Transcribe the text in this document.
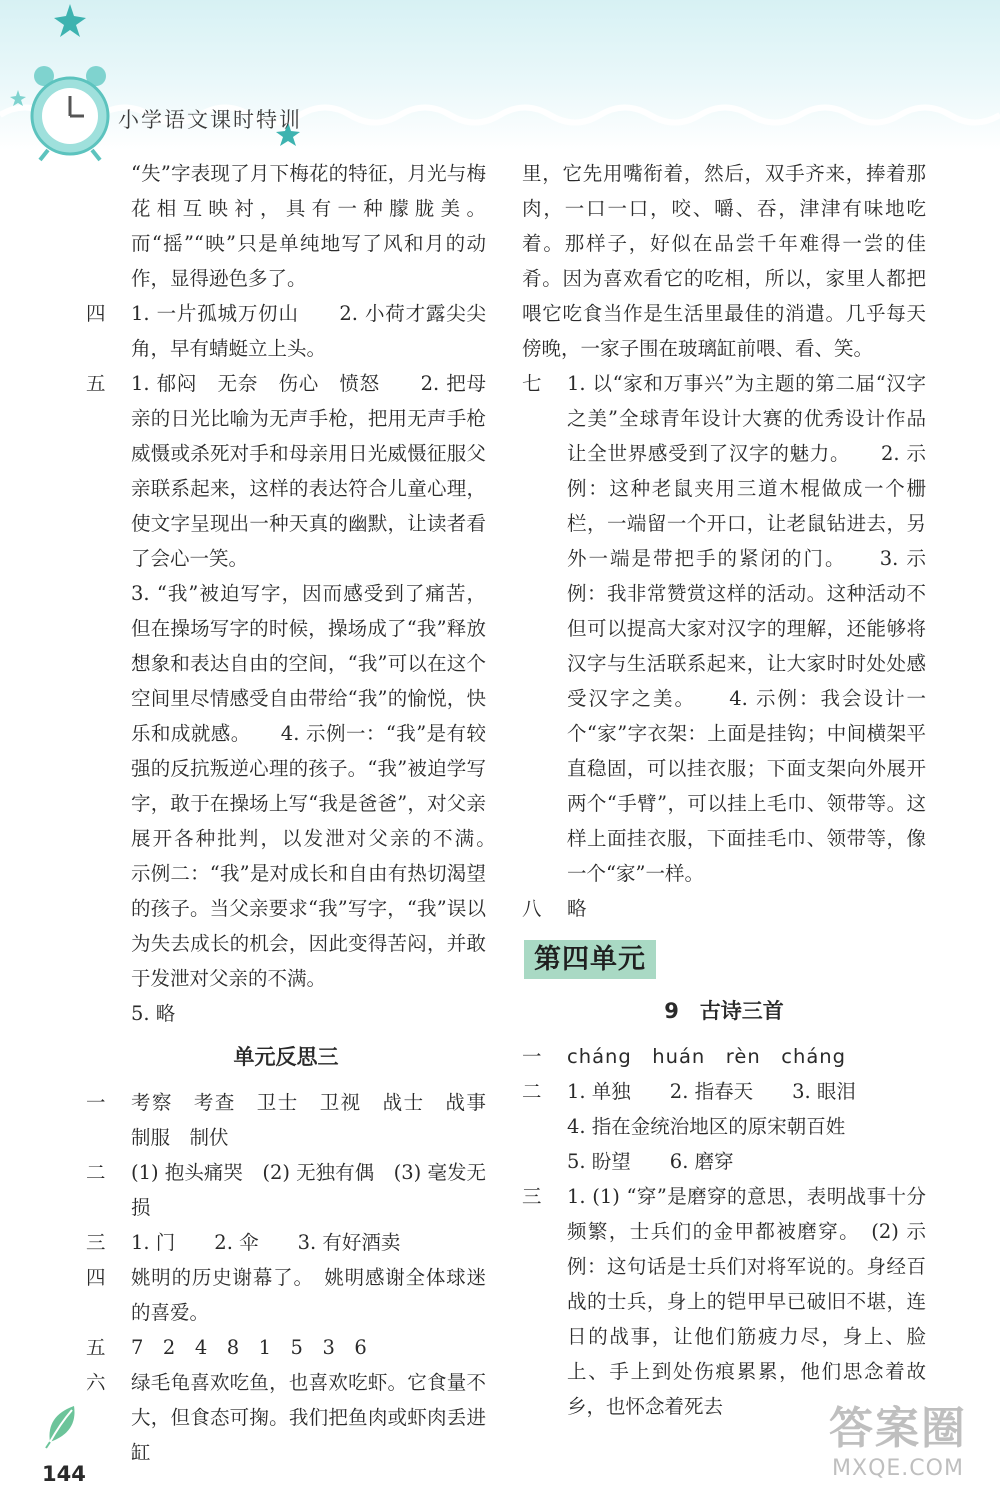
小学语文课时特训
“失”字表现了月下梅花的特征，月光与梅花相互映衬，具有一种朦胧美。而“摇”“映”只是单纯地写了风和月的动作，显得逊色多了。
四 1. 一片孤城万仞山　　2. 小荷才露尖尖角，早有蜻蜓立上头。
五 1. 郁闷　无奈　伤心　愤怒　　2. 把母亲的日光比喻为无声手枪，把用无声手枪威慑或杀死对手和母亲用日光威慑征服父亲联系起来，这样的表达符合儿童心理，使文字呈现出一种天真的幽默，让读者看了会心一笑。
3. “我”被迫写字，因而感受到了痛苦，但在操场写字的时候，操场成了“我”释放想象和表达自由的空间，“我”可以在这个空间里尽情感受自由带给“我”的愉悦，快乐和成就感。　　4. 示例一：“我”是有较强的反抗叛逆心理的孩子。“我”被迫学写字，敢于在操场上写“我是爸爸”，对父亲展开各种批判，以发泄对父亲的不满。　示例二：“我”是对成长和自由有热切渴望的孩子。当父亲要求“我”写字，“我”误以为失去成长的机会，因此变得苦闷，并敢于发泄对父亲的不满。
5. 略
单元反思三
一 考察　考查　卫士　卫视　战士　战事　制服　制伏
二 (1) 抱头痛哭　(2) 无独有偶　(3) 毫发无损
三 1. 门　　2. 伞　　3. 有好酒卖
四 姚明的历史谢幕了。　姚明感谢全体球迷的喜爱。
五 7　2　4　8　1　5　3　6
六 绿毛龟喜欢吃鱼，也喜欢吃虾。它食量不大，但食态可掬。我们把鱼肉或虾肉丢进缸
里，它先用嘴衔着，然后，双手齐来，捧着那肉，一口一口，咬、嚼、吞，津津有味地吃着。那样子，好似在品尝千年难得一尝的佳肴。因为喜欢看它的吃相，所以，家里人都把喂它吃食当作是生活里最佳的消遣。几乎每天傍晚，一家子围在玻璃缸前喂、看、笑。
七 1. 以“家和万事兴”为主题的第二届“汉字之美”全球青年设计大赛的优秀设计作品让全世界感受到了汉字的魅力。　　2. 示例：这种老鼠夹用三道木棍做成一个栅栏，一端留一个开口，让老鼠钻进去，另外一端是带把手的紧闭的门。　　3. 示例：我非常赞赏这样的活动。这种活动不但可以提高大家对汉字的理解，还能够将汉字与生活联系起来，让大家时时处处感受汉字之美。　　4. 示例：我会设计一个“家”字衣架：上面是挂钩；中间横架平直稳固，可以挂衣服；下面支架向外展开两个“手臂”，可以挂上毛巾、领带等。这样上面挂衣服，下面挂毛巾、领带等，像一个“家”一样。
八 略
第四单元
9　古诗三首
一 cháng　huán　rèn　cháng
二 1. 单独　　2. 指春天　　3. 眼泪
4. 指在金统治地区的原宋朝百姓
5. 盼望　　6. 磨穿
三 1. (1) “穿”是磨穿的意思，表明战事十分频繁，士兵们的金甲都被磨穿。　(2) 示例：这句话是士兵们对将军说的。身经百战的士兵，身上的铠甲早已破旧不堪，连日的战事，让他们筋疲力尽，身上、脸上、手上到处伤痕累累，他们思念着故乡，也怀念着死去
144
答案圈
MXQE.COM
